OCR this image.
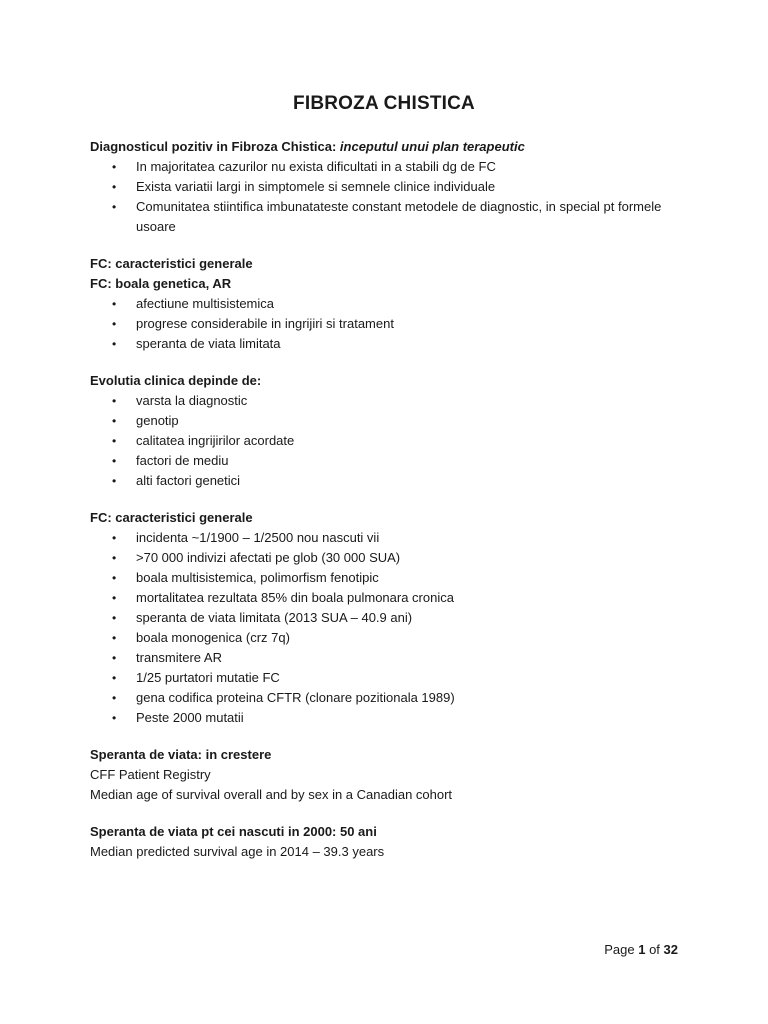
FIBROZA CHISTICA
Diagnosticul pozitiv in Fibroza Chistica: inceputul unui plan terapeutic
• In majoritatea cazurilor nu exista dificultati in a stabili dg de FC
• Exista variatii largi in simptomele si semnele clinice individuale
• Comunitatea stiintifica imbunatateste constant metodele de diagnostic, in special pt formele usoare
FC: caracteristici generale
FC: boala genetica, AR
• afectiune multisistemica
• progrese considerabile in ingrijiri si tratament
• speranta de viata limitata
Evolutia clinica depinde de:
• varsta la diagnostic
• genotip
• calitatea ingrijirilor acordate
• factori de mediu
• alti factori genetici
FC: caracteristici generale
• incidenta ~1/1900 – 1/2500 nou nascuti vii
• >70 000 indivizi afectati pe glob (30 000 SUA)
• boala multisistemica, polimorfism fenotipic
• mortalitatea rezultata 85% din boala pulmonara cronica
• speranta de viata limitata (2013 SUA – 40.9 ani)
• boala monogenica (crz 7q)
• transmitere AR
• 1/25 purtatori mutatie FC
• gena codifica proteina CFTR (clonare pozitionala 1989)
• Peste 2000 mutatii
Speranta de viata: in crestere
CFF Patient Registry
Median age of survival overall and by sex in a Canadian cohort
Speranta de viata pt cei nascuti in 2000: 50 ani
Median predicted survival age in 2014 – 39.3 years
Page 1 of 32
